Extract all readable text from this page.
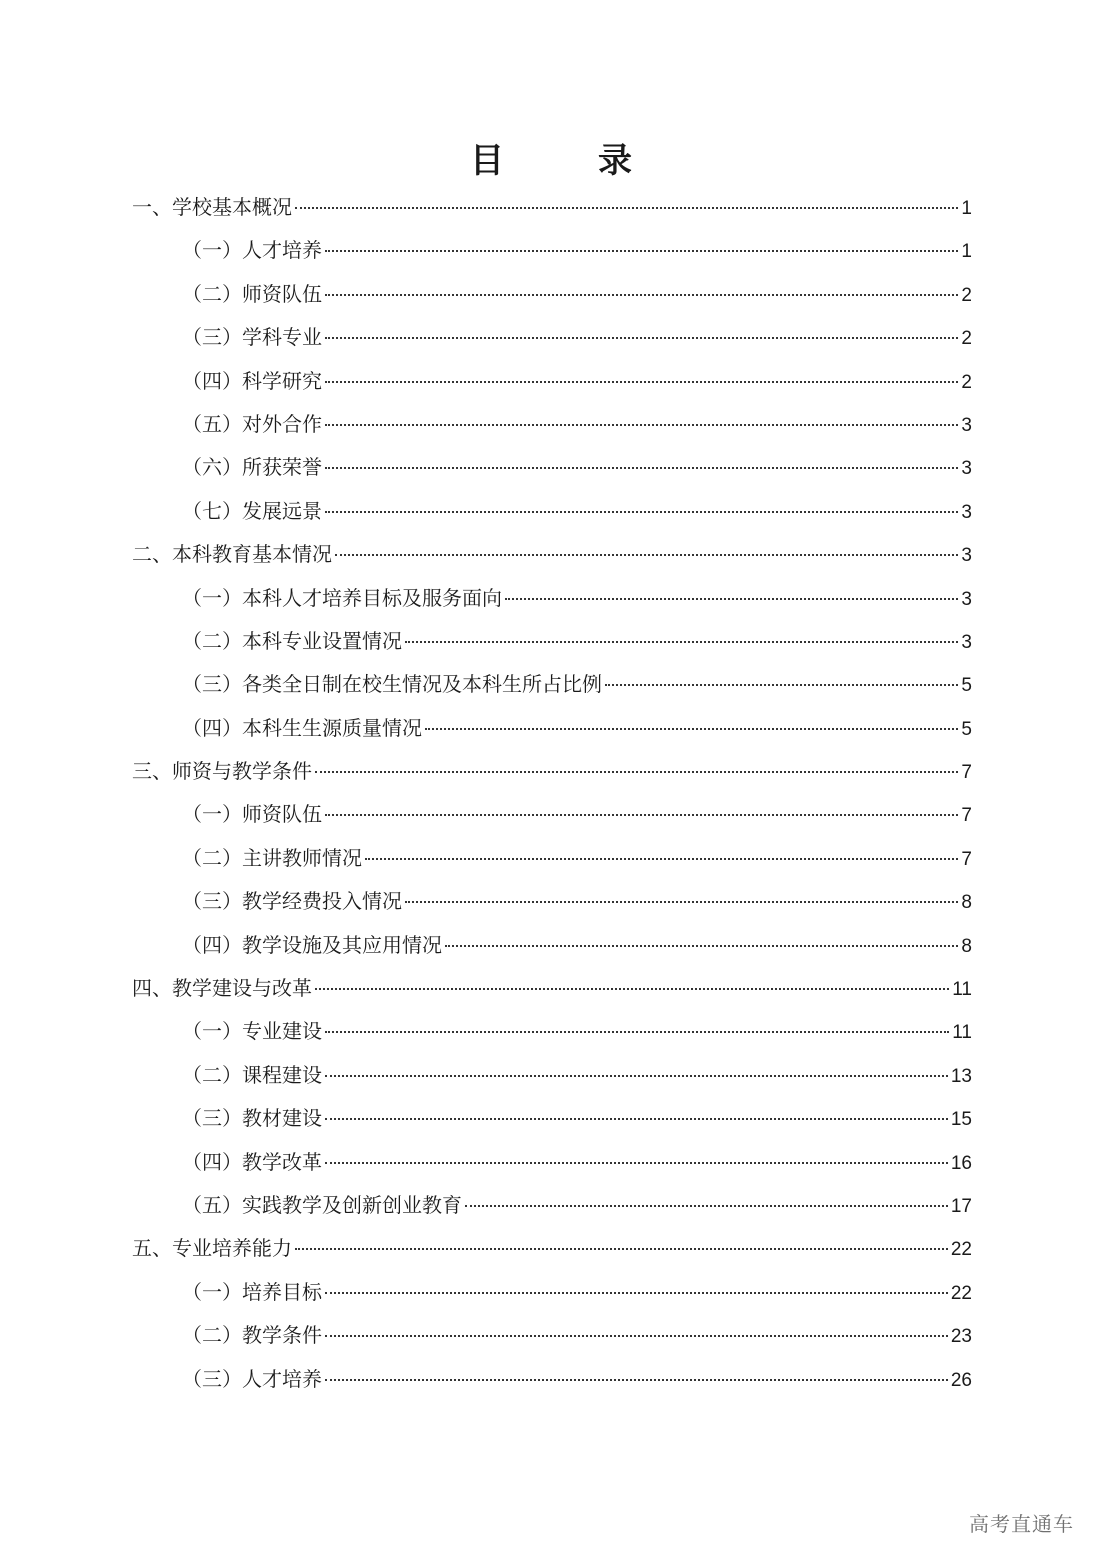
目　录
一、学校基本概况	1
（一）人才培养	1
（二）师资队伍	2
（三）学科专业	2
（四）科学研究	2
（五）对外合作	3
（六）所获荣誉	3
（七）发展远景	3
二、本科教育基本情况	3
（一）本科人才培养目标及服务面向	3
（二）本科专业设置情况	3
（三）各类全日制在校生情况及本科生所占比例	5
（四）本科生生源质量情况	5
三、师资与教学条件	7
（一）师资队伍	7
（二）主讲教师情况	7
（三）教学经费投入情况	8
（四）教学设施及其应用情况	8
四、教学建设与改革	11
（一）专业建设	11
（二）课程建设	13
（三）教材建设	15
（四）教学改革	16
（五）实践教学及创新创业教育	17
五、专业培养能力	22
（一）培养目标	22
（二）教学条件	23
（三）人才培养	26
高考直通车
